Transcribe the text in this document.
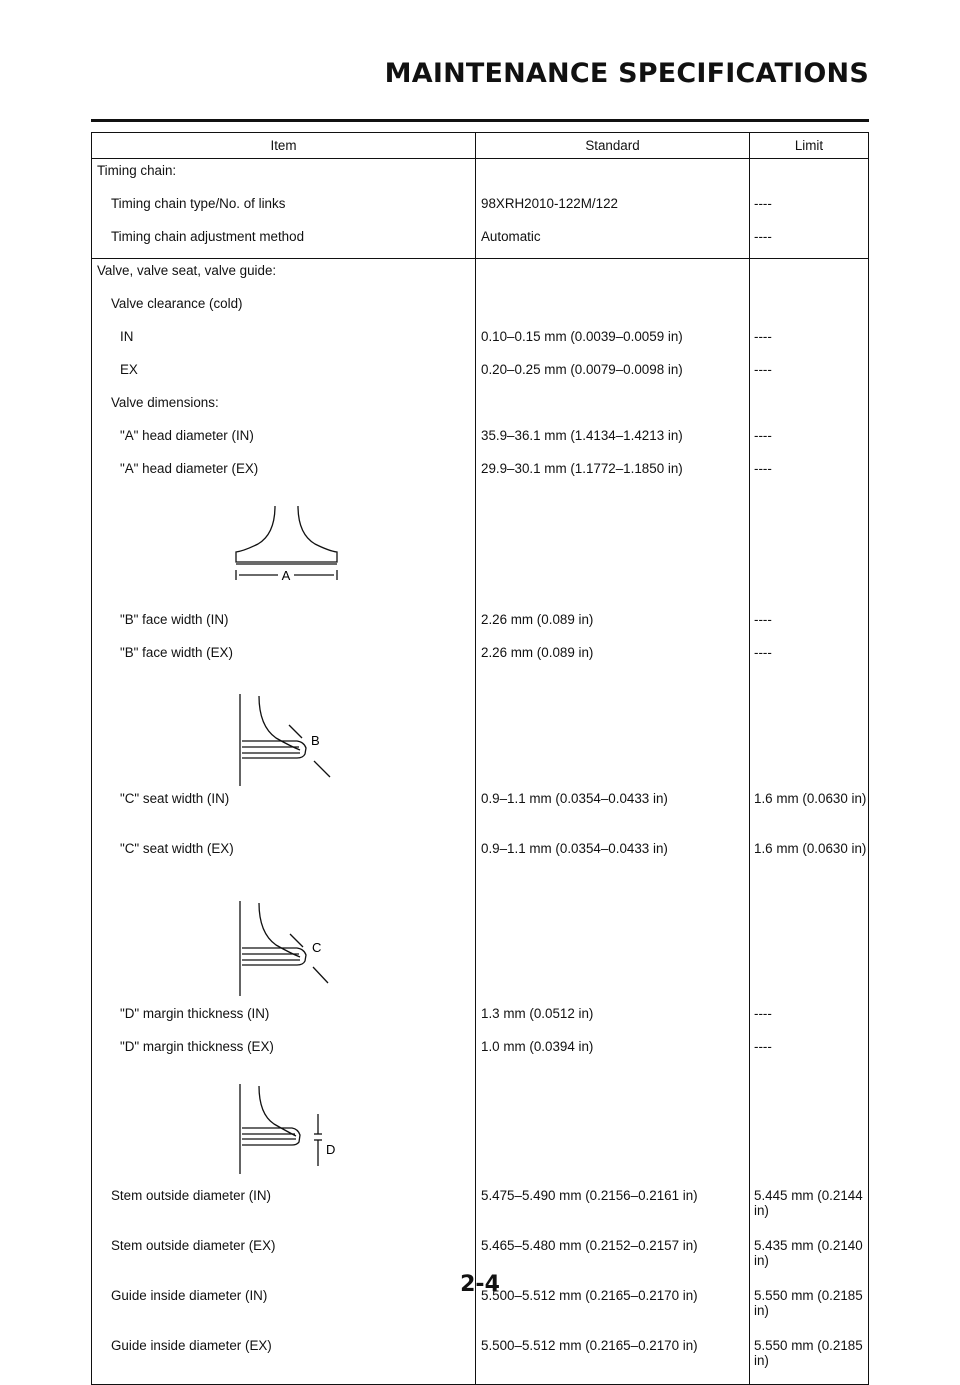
MAINTENANCE SPECIFICATIONS
Item	Standard	Limit
Timing chain:		
Timing chain type/No. of links	98XRH2010-122M/122	----
Timing chain adjustment method	Automatic	----
Valve, valve seat, valve guide:		
Valve clearance (cold)		
IN	0.10–0.15 mm (0.0039–0.0059 in)	----
EX	0.20–0.25 mm (0.0079–0.0098 in)	----
Valve dimensions:		
"A" head diameter (IN)	35.9–36.1 mm (1.4134–1.4213 in)	----
"A" head diameter (EX)	29.9–30.1 mm (1.1772–1.1850 in)	----

A		

"B" face width (IN)	2.26 mm (0.089 in)	----
"B" face width (EX)	2.26 mm (0.089 in)	----

B		

"C" seat width (IN)	0.9–1.1 mm (0.0354–0.0433 in)	1.6 mm (0.0630 in)
"C" seat width (EX)	0.9–1.1 mm (0.0354–0.0433 in)	1.6 mm (0.0630 in)

C		

"D" margin thickness (IN)	1.3 mm (0.0512 in)	----
"D" margin thickness (EX)	1.0 mm (0.0394 in)	----

D		

Stem outside diameter (IN)	5.475–5.490 mm (0.2156–0.2161 in)	5.445 mm (0.2144 in)
Stem outside diameter (EX)	5.465–5.480 mm (0.2152–0.2157 in)	5.435 mm (0.2140 in)
Guide inside diameter (IN)	5.500–5.512 mm (0.2165–0.2170 in)	5.550 mm (0.2185 in)
Guide inside diameter (EX)	5.500–5.512 mm (0.2165–0.2170 in)	5.550 mm (0.2185 in)

2-4
